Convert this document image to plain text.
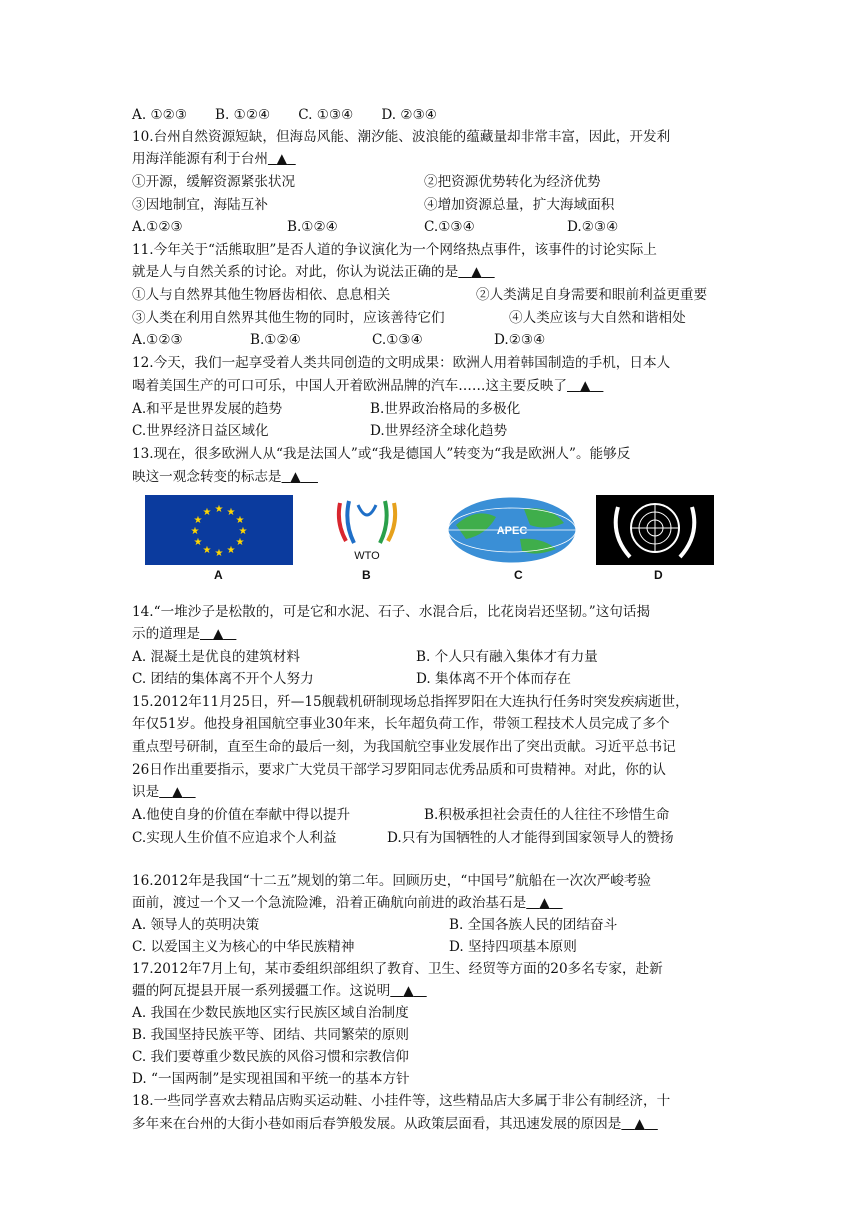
A. ①②③ B. ①②④ C. ①③④ D. ②③④
10.台州自然资源短缺，但海岛风能、潮汐能、波浪能的蕴藏量却非常丰富，因此，开发利
用海洋能源有利于台州 ▲
①开源，缓解资源紧张状况	②把资源优势转化为经济优势
③因地制宜，海陆互补	④增加资源总量，扩大海域面积
A.①②③	B.①②④	C.①③④	D.②③④
11.今年关于“活熊取胆”是否人道的争议演化为一个网络热点事件，该事件的讨论实际上
就是人与自然关系的讨论。对此，你认为说法正确的是 ▲
①人与自然界其他生物唇齿相依、息息相关	②人类满足自身需要和眼前利益更重要
③人类在利用自然界其他生物的同时，应该善待它们	④人类应该与大自然和谐相处
A.①②③	B.①②④	C.①③④	D.②③④
12.今天，我们一起享受着人类共同创造的文明成果：欧洲人用着韩国制造的手机，日本人
喝着美国生产的可口可乐，中国人开着欧洲品牌的汽车……这主要反映了 ▲
A.和平是世界发展的趋势	B.世界政治格局的多极化
C.世界经济日益区域化	D.世界经济全球化趋势
13.现在，很多欧洲人从“我是法国人”或“我是德国人”转变为“我是欧洲人”。能够反
映这一观念转变的标志是 ▲
★ ★
★
★
★
★
★
★
★
★
★
★
WTO
APEC
A	B	C	D
14.“一堆沙子是松散的，可是它和水泥、石子、水混合后，比花岗岩还坚韧。”这句话揭
示的道理是 ▲
A. 混凝土是优良的建筑材料	B. 个人只有融入集体才有力量
C. 团结的集体离不开个人努力	D. 集体离不开个体而存在
15.2012年11月25日，歼—15舰载机研制现场总指挥罗阳在大连执行任务时突发疾病逝世，
年仅51岁。他投身祖国航空事业30年来，长年超负荷工作，带领工程技术人员完成了多个
重点型号研制，直至生命的最后一刻，为我国航空事业发展作出了突出贡献。习近平总书记
26日作出重要指示，要求广大党员干部学习罗阳同志优秀品质和可贵精神。对此，你的认
识是 ▲
A.他使自身的价值在奉献中得以提升	B.积极承担社会责任的人往往不珍惜生命
C.实现人生价值不应追求个人利益	D.只有为国牺牲的人才能得到国家领导人的赞扬
16.2012年是我国“十二五”规划的第二年。回顾历史，“中国号”航船在一次次严峻考验
面前，渡过一个又一个急流险滩，沿着正确航向前进的政治基石是 ▲
A. 领导人的英明决策	B. 全国各族人民的团结奋斗
C. 以爱国主义为核心的中华民族精神	D. 坚持四项基本原则
17.2012年7月上旬，某市委组织部组织了教育、卫生、经贸等方面的20多名专家，赴新
疆的阿瓦提县开展一系列援疆工作。这说明 ▲
A. 我国在少数民族地区实行民族区域自治制度
B. 我国坚持民族平等、团结、共同繁荣的原则
C. 我们要尊重少数民族的风俗习惯和宗教信仰
D. “一国两制”是实现祖国和平统一的基本方针
18.一些同学喜欢去精品店购买运动鞋、小挂件等，这些精品店大多属于非公有制经济，十
多年来在台州的大街小巷如雨后春笋般发展。从政策层面看，其迅速发展的原因是 ▲
